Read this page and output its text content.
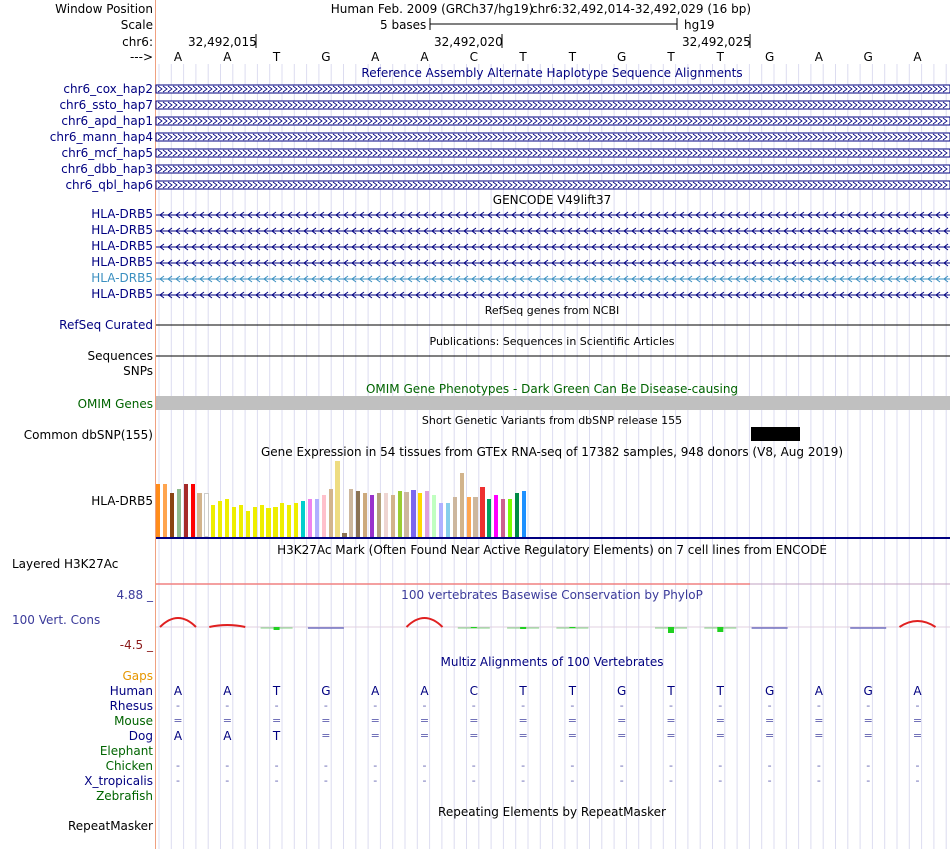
Window Position	Human Feb. 2009 (GRCh37/hg19)
chr6:32,492,014-32,492,029 (16 bp)
Scale	5 bases	hg19
chr6:	32,492,015	32,492,020	32,492,025
---> A	A	T	G	A	A	C	T	T	G	T	T	G	A	G	A
Reference Assembly Alternate Haplotype Sequence Alignments
chr6_cox_hap2
chr6_ssto_hap7
chr6_apd_hap1
chr6_mann_hap4
chr6_mcf_hap5
chr6_dbb_hap3
chr6_qbl_hap6
GENCODE V49lift37
HLA-DRB5
HLA-DRB5
HLA-DRB5
HLA-DRB5
HLA-DRB5
HLA-DRB5
RefSeq genes from NCBI
RefSeq Curated
Publications: Sequences in Scientific Articles
Sequences
SNPs
OMIM Gene Phenotypes - Dark Green Can Be Disease-causing
OMIM Genes
Short Genetic Variants from dbSNP release 155
Common dbSNP(155)
Gene Expression in 54 tissues from GTEx RNA-seq of 17382 samples, 948 donors (V8, Aug 2019)
HLA-DRB5
H3K27Ac Mark (Often Found Near Active Regulatory Elements) on 7 cell lines from ENCODE
Layered H3K27Ac
100 vertebrates Basewise Conservation by PhyloP
4.88 _
100 Vert. Cons
-4.5 _
Multiz Alignments of 100 Vertebrates
Gaps
Human A	A	T	G	A	A	C	T	T	G	T	T	G	A	G	A
Rhesus	-	-	-	-	-	-	-	-	-	-	-	-	-	-	-	-
Mouse =	=	=	=	=	=	=	=	=	=	=	=	=	=	=	=
Dog A	A	T	=	=	=	=	=	=	=	=	=	=	=	=	=
Elephant
Chicken	-	-	-	-	-	-	-	-	-	-	-	-	-	-	-	-
X_tropicalis	-	-	-	-	-	-	-	-	-	-	-	-	-	-	-	-
Zebrafish
Repeating Elements by RepeatMasker
RepeatMasker
